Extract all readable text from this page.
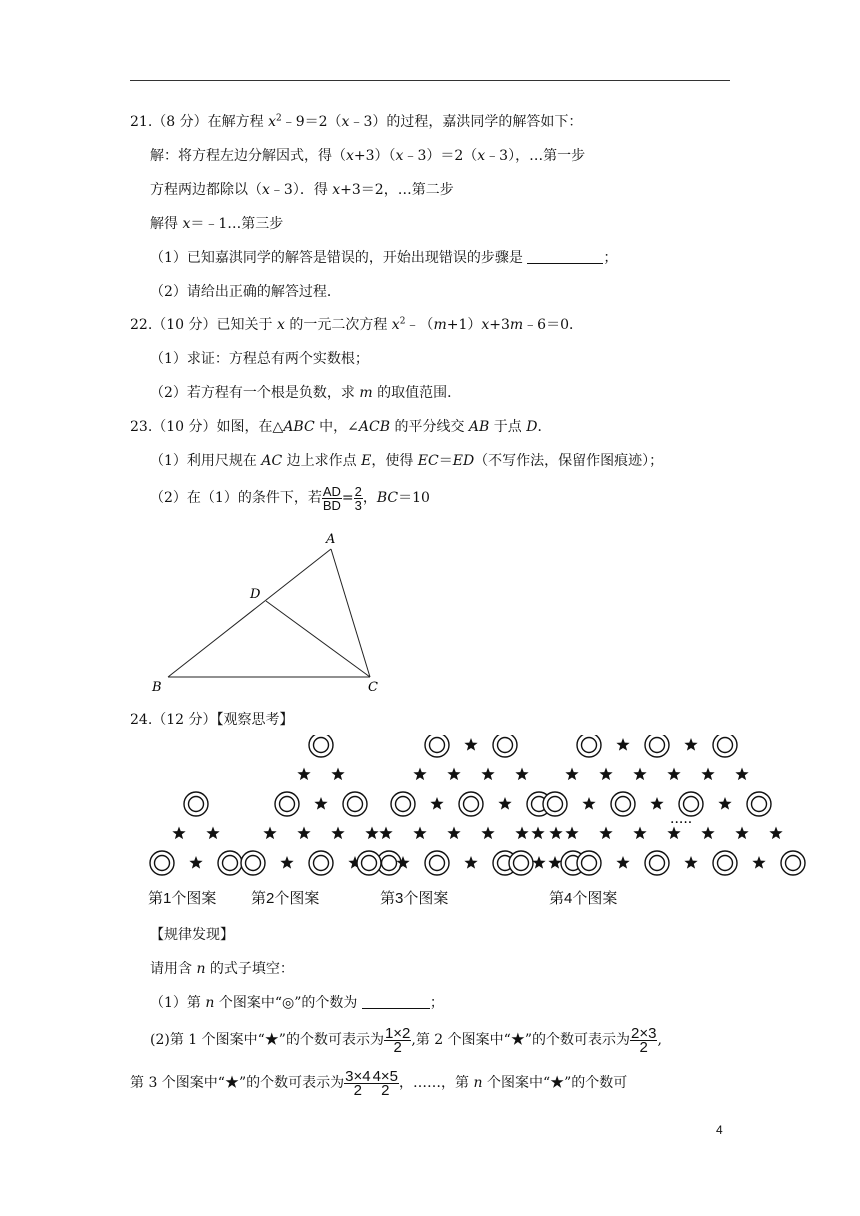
21.（8 分）在解方程 $x^2﹣9=2(x﹣3)$的过程，嘉洪同学的解答如下：
解：将方程左边分解因式，得（x+3）（x﹣3）＝2（x﹣3），…第一步
方程两边都除以（x﹣3）．得 x+3＝2，…第二步
解得 x＝﹣1…第三步
（1）已知嘉淇同学的解答是错误的，开始出现错误的步骤是	；
（2）请给出正确的解答过程．
22.（10 分）已知关于 x 的一元二次方程 $x^2﹣(m+1)x+3m﹣6=0$．
（1）求证：方程总有两个实数根；
（2）若方程有一个根是负数，求 m 的取值范围．
23.（10 分）如图，在△ABC 中，∠ACB 的平分线交 AB 于点 D．
（1）利用尺规在 AC 边上求作点 E，使得 EC＝ED（不写作法，保留作图痕迹）；
（2）在（1）的条件下，若 $\frac{AD}{BD} = \frac{2}{3}$ ，BC＝10
A
B	C
D
24.（12 分）【观察思考】
·····
第1个图案 第2个图案	第3个图案	第4个图案
【规律发现】
请用含 n 的式子填空：
（1）第 n 个图案中“◎”的个数为	；
(2)第 1 个图案中“★”的个数可表示为 $\frac{1\times 2}{2}$ ,第 2 个图案中“★”的个数可表示为 $\frac{2\times 3}{2}$ ,
第 3 个图案中“★”的个数可表示为 $\frac{3\times 4}{2} \frac{4\times 5}{2}$ ，……，第 n 个图案中“★”的个数可
4
